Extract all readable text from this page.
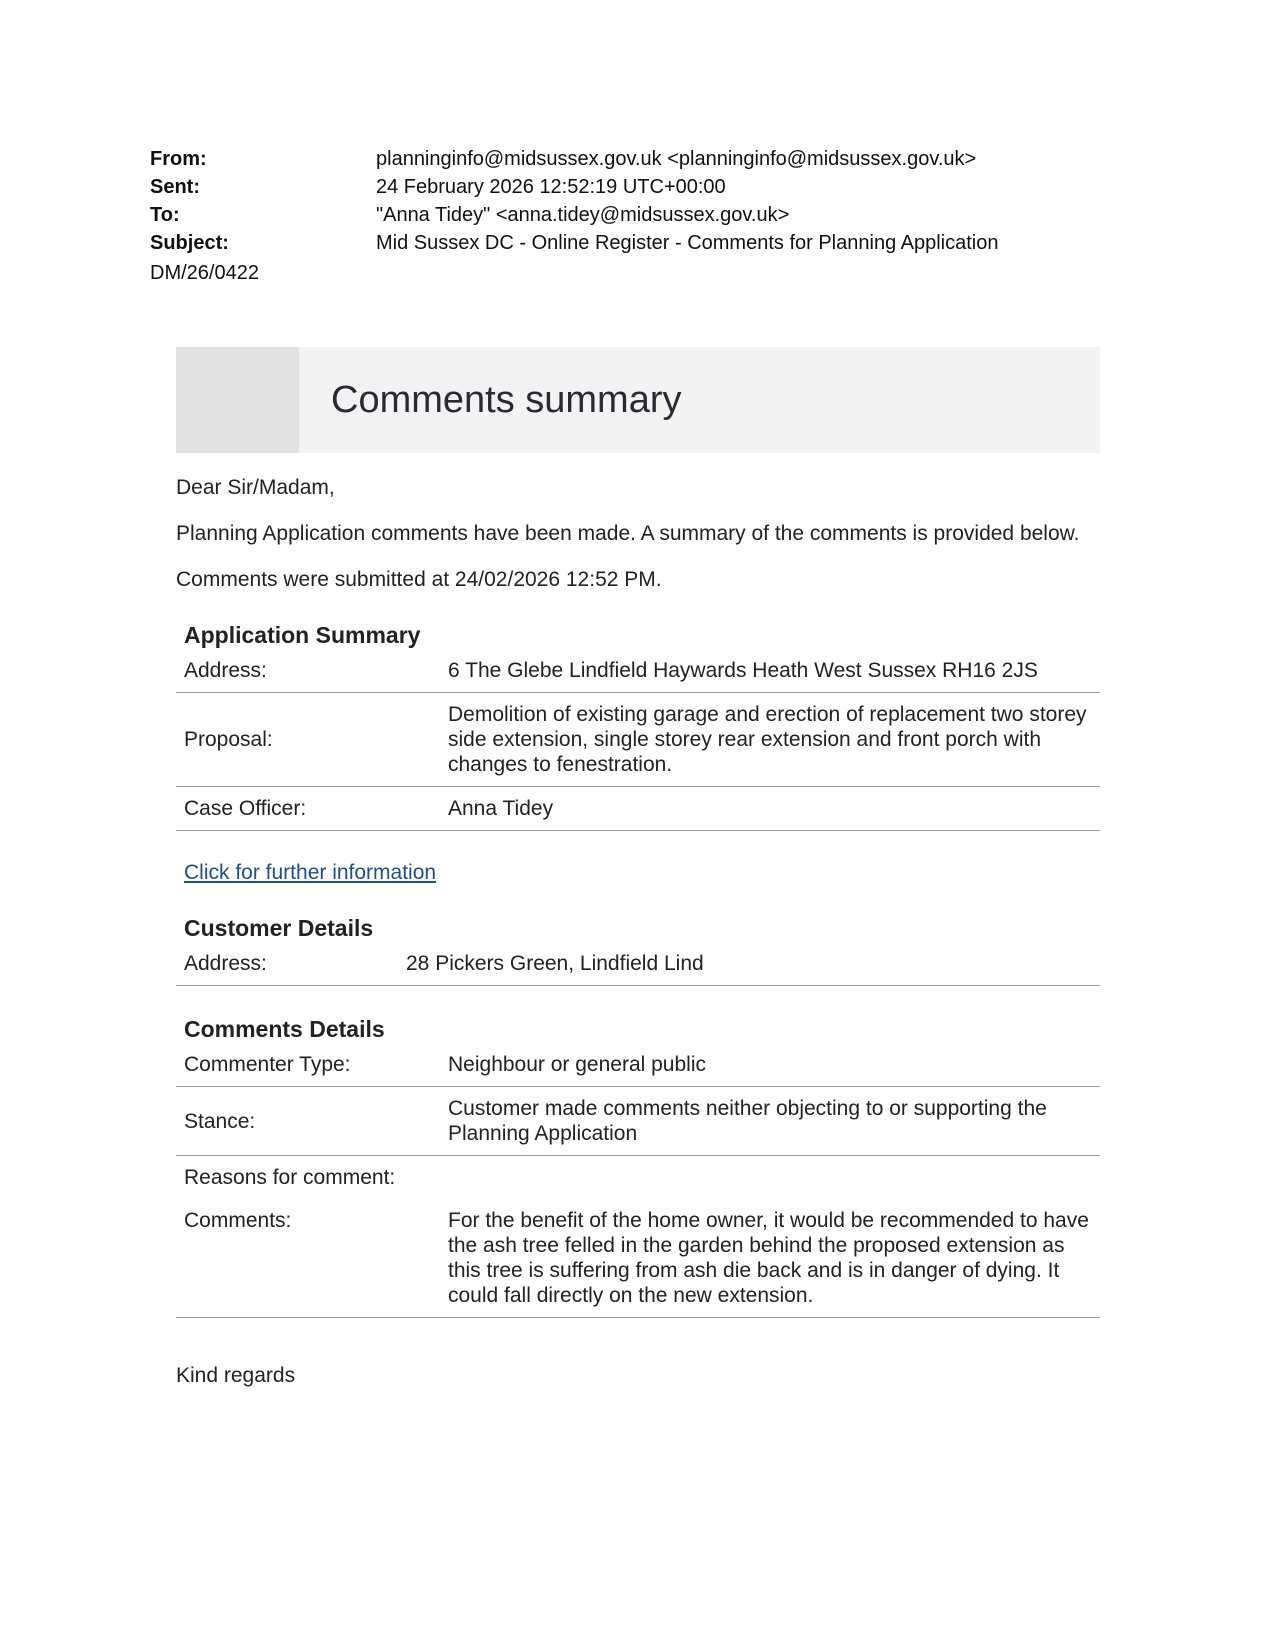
From:	planninginfo@midsussex.gov.uk <planninginfo@midsussex.gov.uk>
Sent:	24 February 2026 12:52:19 UTC+00:00
To:	"Anna Tidey" <anna.tidey@midsussex.gov.uk>
Subject:	Mid Sussex DC - Online Register - Comments for Planning Application
DM/26/0422
Comments summary

Dear Sir/Madam,

Planning Application comments have been made. A summary of the comments is provided below.

Comments were submitted at 24/02/2026 12:52 PM.

Application Summary
Address:	6 The Glebe Lindfield Haywards Heath West Sussex RH16 2JS
Proposal:	Demolition of existing garage and erection of replacement two storey side extension, single storey rear extension and front porch with changes to fenestration.
Case Officer:	Anna Tidey
Click for further information
Customer Details
Address:	28 Pickers Green, Lindfield Lind
Comments Details
Commenter Type:	Neighbour or general public
Stance:	Customer made comments neither objecting to or supporting the Planning Application
Reasons for comment:	
Comments:	For the benefit of the home owner, it would be recommended to have the ash tree felled in the garden behind the proposed extension as this tree is suffering from ash die back and is in danger of dying. It could fall directly on the new extension.
Kind regards
